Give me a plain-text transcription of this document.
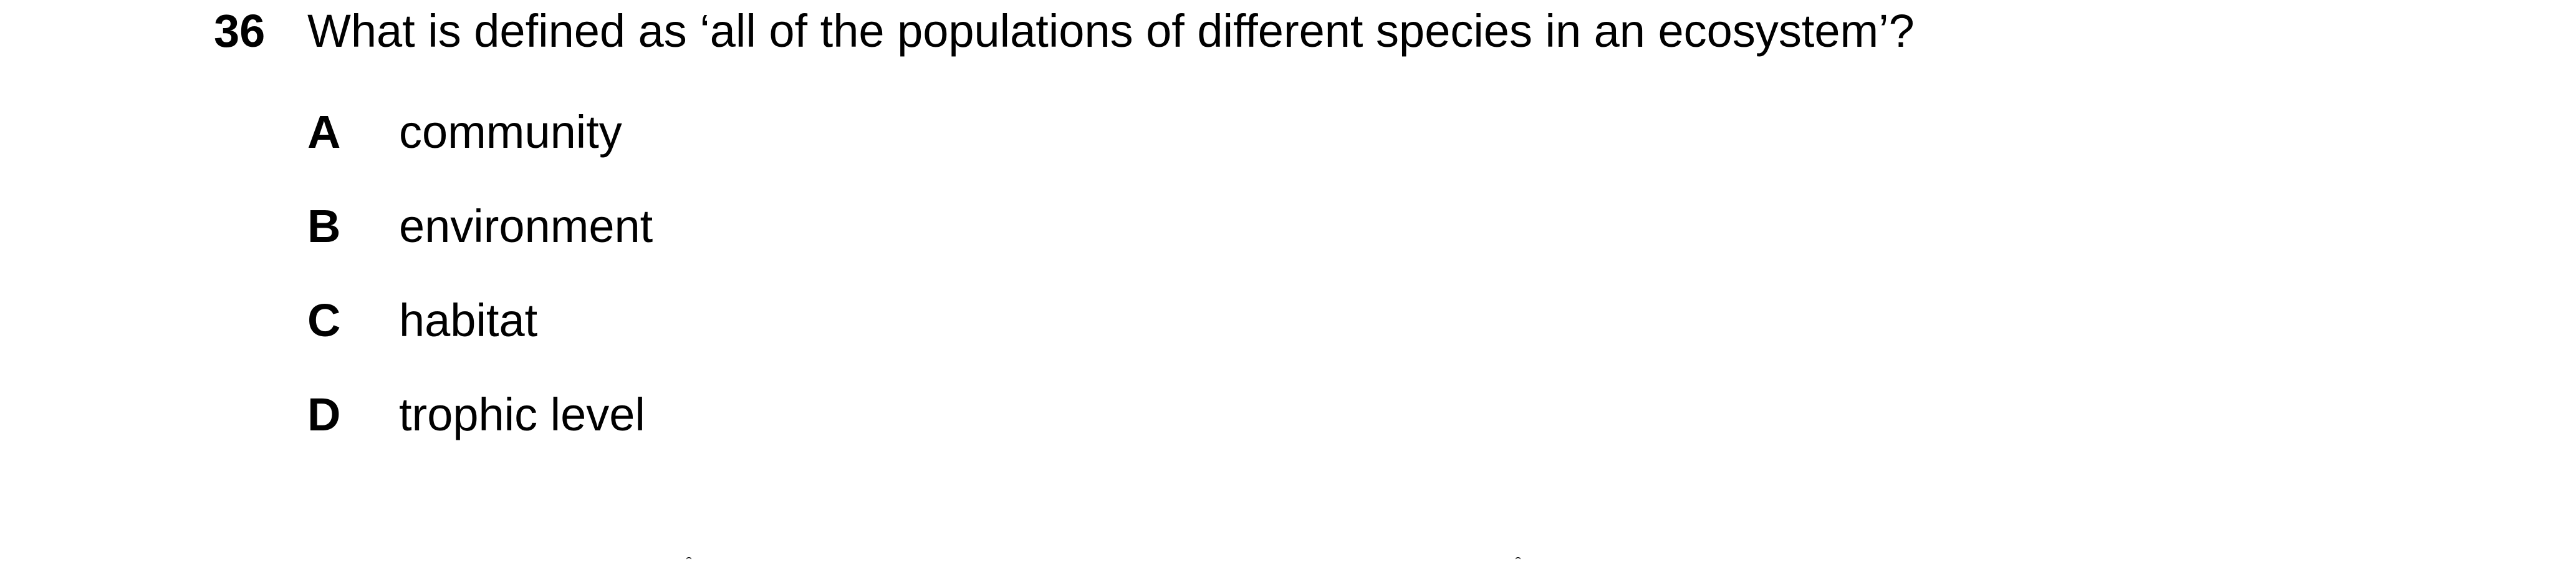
36 What is defined as ‘all of the populations of different species in an ecosystem’?
A community
B environment
C habitat
D trophic level
